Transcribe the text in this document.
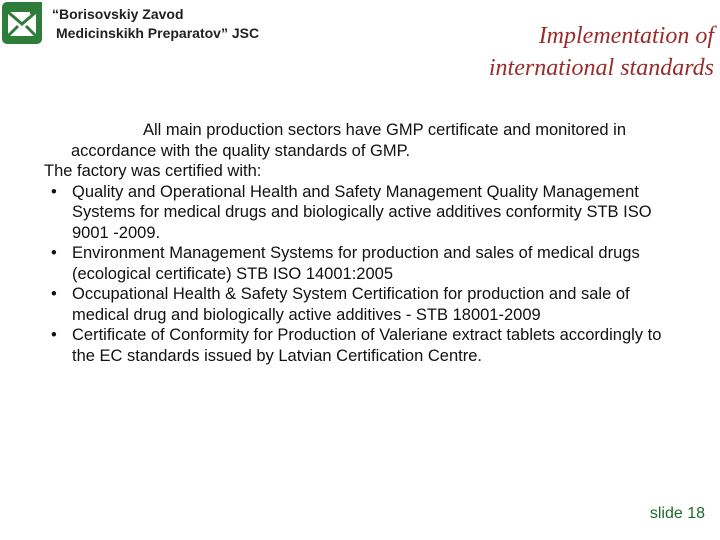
“Borisovskiy Zavod
Medicinskikh Preparatov” JSC	Implementation of
international standards

All main production sectors have GMP certificate and monitored in accordance with the quality standards of GMP.

The factory was certified with:

• Quality and Operational Health and Safety Management Quality Management Systems for medical drugs and biologically active additives conformity STB ISO 9001 -2009.
• Environment Management Systems for production and sales of medical drugs (ecological certificate) STB ISO 14001:2005
• Occupational Health & Safety System Certification for production and sale of medical drug and biologically active additives - STB 18001-2009
• Certificate of Conformity for Production of Valeriane extract tablets accordingly to the EC standards issued by Latvian Certification Centre.
slide 18
